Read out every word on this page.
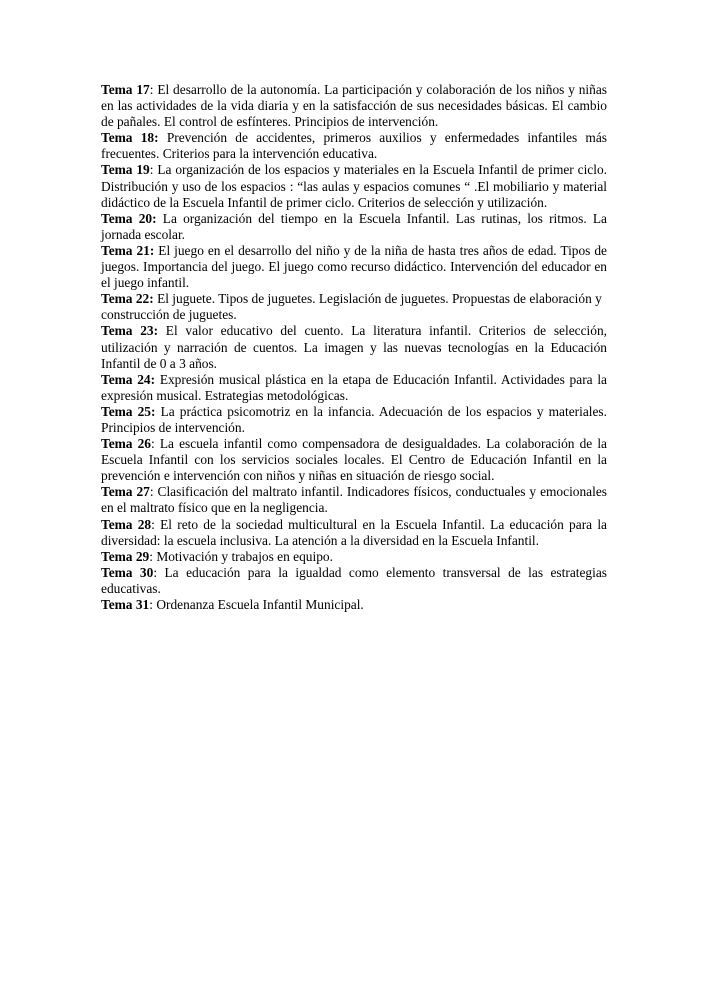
Tema 17: El desarrollo de la autonomía. La participación y colaboración de los niños y niñas en las actividades de la vida diaria y en la satisfacción de sus necesidades básicas. El cambio de pañales. El control de esfínteres. Principios de intervención.

Tema 18: Prevención de accidentes, primeros auxilios y enfermedades infantiles más frecuentes. Criterios para la intervención educativa.

Tema 19: La organización de los espacios y materiales en la Escuela Infantil de primer ciclo. Distribución y uso de los espacios : “las aulas y espacios comunes “ .El mobiliario y material didáctico de la Escuela Infantil de primer ciclo. Criterios de selección y utilización.

Tema 20: La organización del tiempo en la Escuela Infantil. Las rutinas, los ritmos. La jornada escolar.

Tema 21: El juego en el desarrollo del niño y de la niña de hasta tres años de edad. Tipos de juegos. Importancia del juego. El juego como recurso didáctico. Intervención del educador en el juego infantil.

Tema 22: El juguete. Tipos de juguetes. Legislación de juguetes. Propuestas de elaboración y construcción de juguetes.

Tema 23: El valor educativo del cuento. La literatura infantil. Criterios de selección, utilización y narración de cuentos. La imagen y las nuevas tecnologías en la Educación Infantil de 0 a 3 años.

Tema 24: Expresión musical plástica en la etapa de Educación Infantil. Actividades para la expresión musical. Estrategias metodológicas.

Tema 25: La práctica psicomotriz en la infancia. Adecuación de los espacios y materiales. Principios de intervención.

Tema 26: La escuela infantil como compensadora de desigualdades. La colaboración de la Escuela Infantil con los servicios sociales locales. El Centro de Educación Infantil en la prevención e intervención con niños y niñas en situación de riesgo social.

Tema 27: Clasificación del maltrato infantil. Indicadores físicos, conductuales y emocionales en el maltrato físico que en la negligencia.

Tema 28: El reto de la sociedad multicultural en la Escuela Infantil. La educación para la diversidad: la escuela inclusiva. La atención a la diversidad en la Escuela Infantil.

Tema 29: Motivación y trabajos en equipo.

Tema 30: La educación para la igualdad como elemento transversal de las estrategias educativas.

Tema 31: Ordenanza Escuela Infantil Municipal.
